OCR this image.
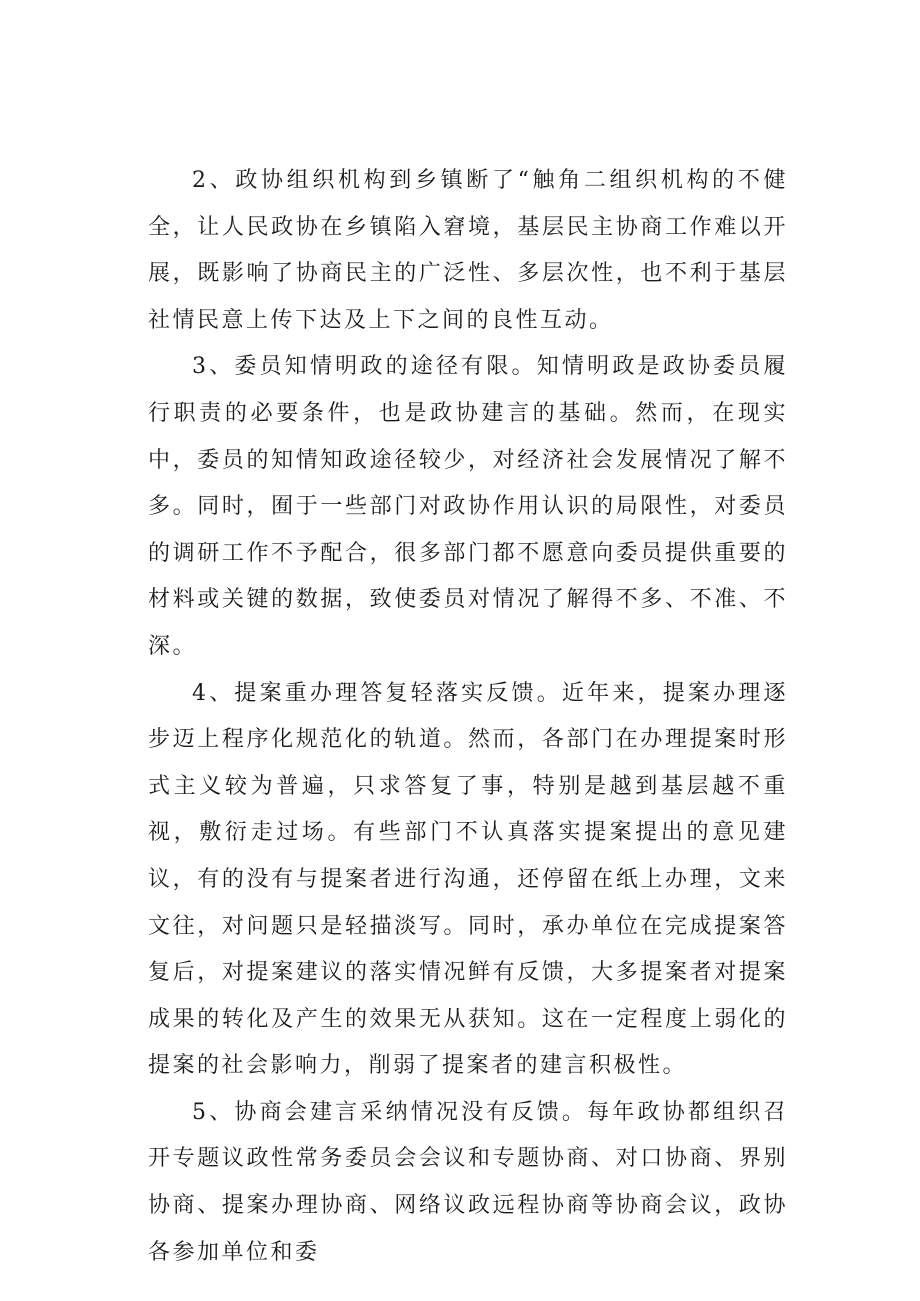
2、政协组织机构到乡镇断了“触角二组织机构的不健全，让人民政协在乡镇陷入窘境，基层民主协商工作难以开展，既影响了协商民主的广泛性、多层次性，也不利于基层社情民意上传下达及上下之间的良性互动。

3、委员知情明政的途径有限。知情明政是政协委员履行职责的必要条件，也是政协建言的基础。然而，在现实中，委员的知情知政途径较少，对经济社会发展情况了解不多。同时，囿于一些部门对政协作用认识的局限性，对委员的调研工作不予配合，很多部门都不愿意向委员提供重要的材料或关键的数据，致使委员对情况了解得不多、不准、不深。

4、提案重办理答复轻落实反馈。近年来，提案办理逐步迈上程序化规范化的轨道。然而，各部门在办理提案时形式主义较为普遍，只求答复了事，特别是越到基层越不重视，敷衍走过场。有些部门不认真落实提案提出的意见建议，有的没有与提案者进行沟通，还停留在纸上办理，文来文往，对问题只是轻描淡写。同时，承办单位在完成提案答复后，对提案建议的落实情况鲜有反馈，大多提案者对提案成果的转化及产生的效果无从获知。这在一定程度上弱化的提案的社会影响力，削弱了提案者的建言积极性。

5、协商会建言采纳情况没有反馈。每年政协都组织召开专题议政性常务委员会会议和专题协商、对口协商、界别协商、提案办理协商、网络议政远程协商等协商会议，政协各参加单位和委
